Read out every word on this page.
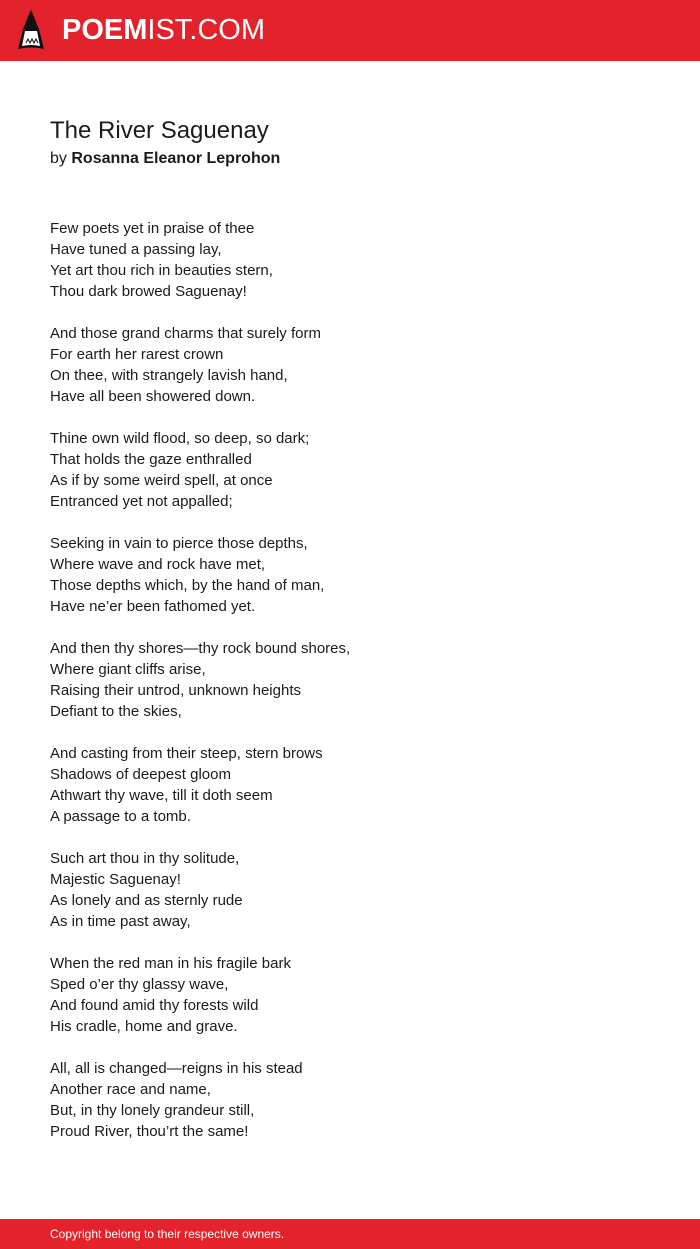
POEMIST.COM
The River Saguenay
by Rosanna Eleanor Leprohon
Few poets yet in praise of thee
Have tuned a passing lay,
Yet art thou rich in beauties stern,
Thou dark browed Saguenay!
And those grand charms that surely form
For earth her rarest crown
On thee, with strangely lavish hand,
Have all been showered down.
Thine own wild flood, so deep, so dark;
That holds the gaze enthralled
As if by some weird spell, at once
Entranced yet not appalled;
Seeking in vain to pierce those depths,
Where wave and rock have met,
Those depths which, by the hand of man,
Have ne’er been fathomed yet.
And then thy shores—thy rock bound shores,
Where giant cliffs arise,
Raising their untrod, unknown heights
Defiant to the skies,
And casting from their steep, stern brows
Shadows of deepest gloom
Athwart thy wave, till it doth seem
A passage to a tomb.
Such art thou in thy solitude,
Majestic Saguenay!
As lonely and as sternly rude
As in time past away,
When the red man in his fragile bark
Sped o’er thy glassy wave,
And found amid thy forests wild
His cradle, home and grave.
All, all is changed—reigns in his stead
Another race and name,
But, in thy lonely grandeur still,
Proud River, thou’rt the same!
Copyright belong to their respective owners.
